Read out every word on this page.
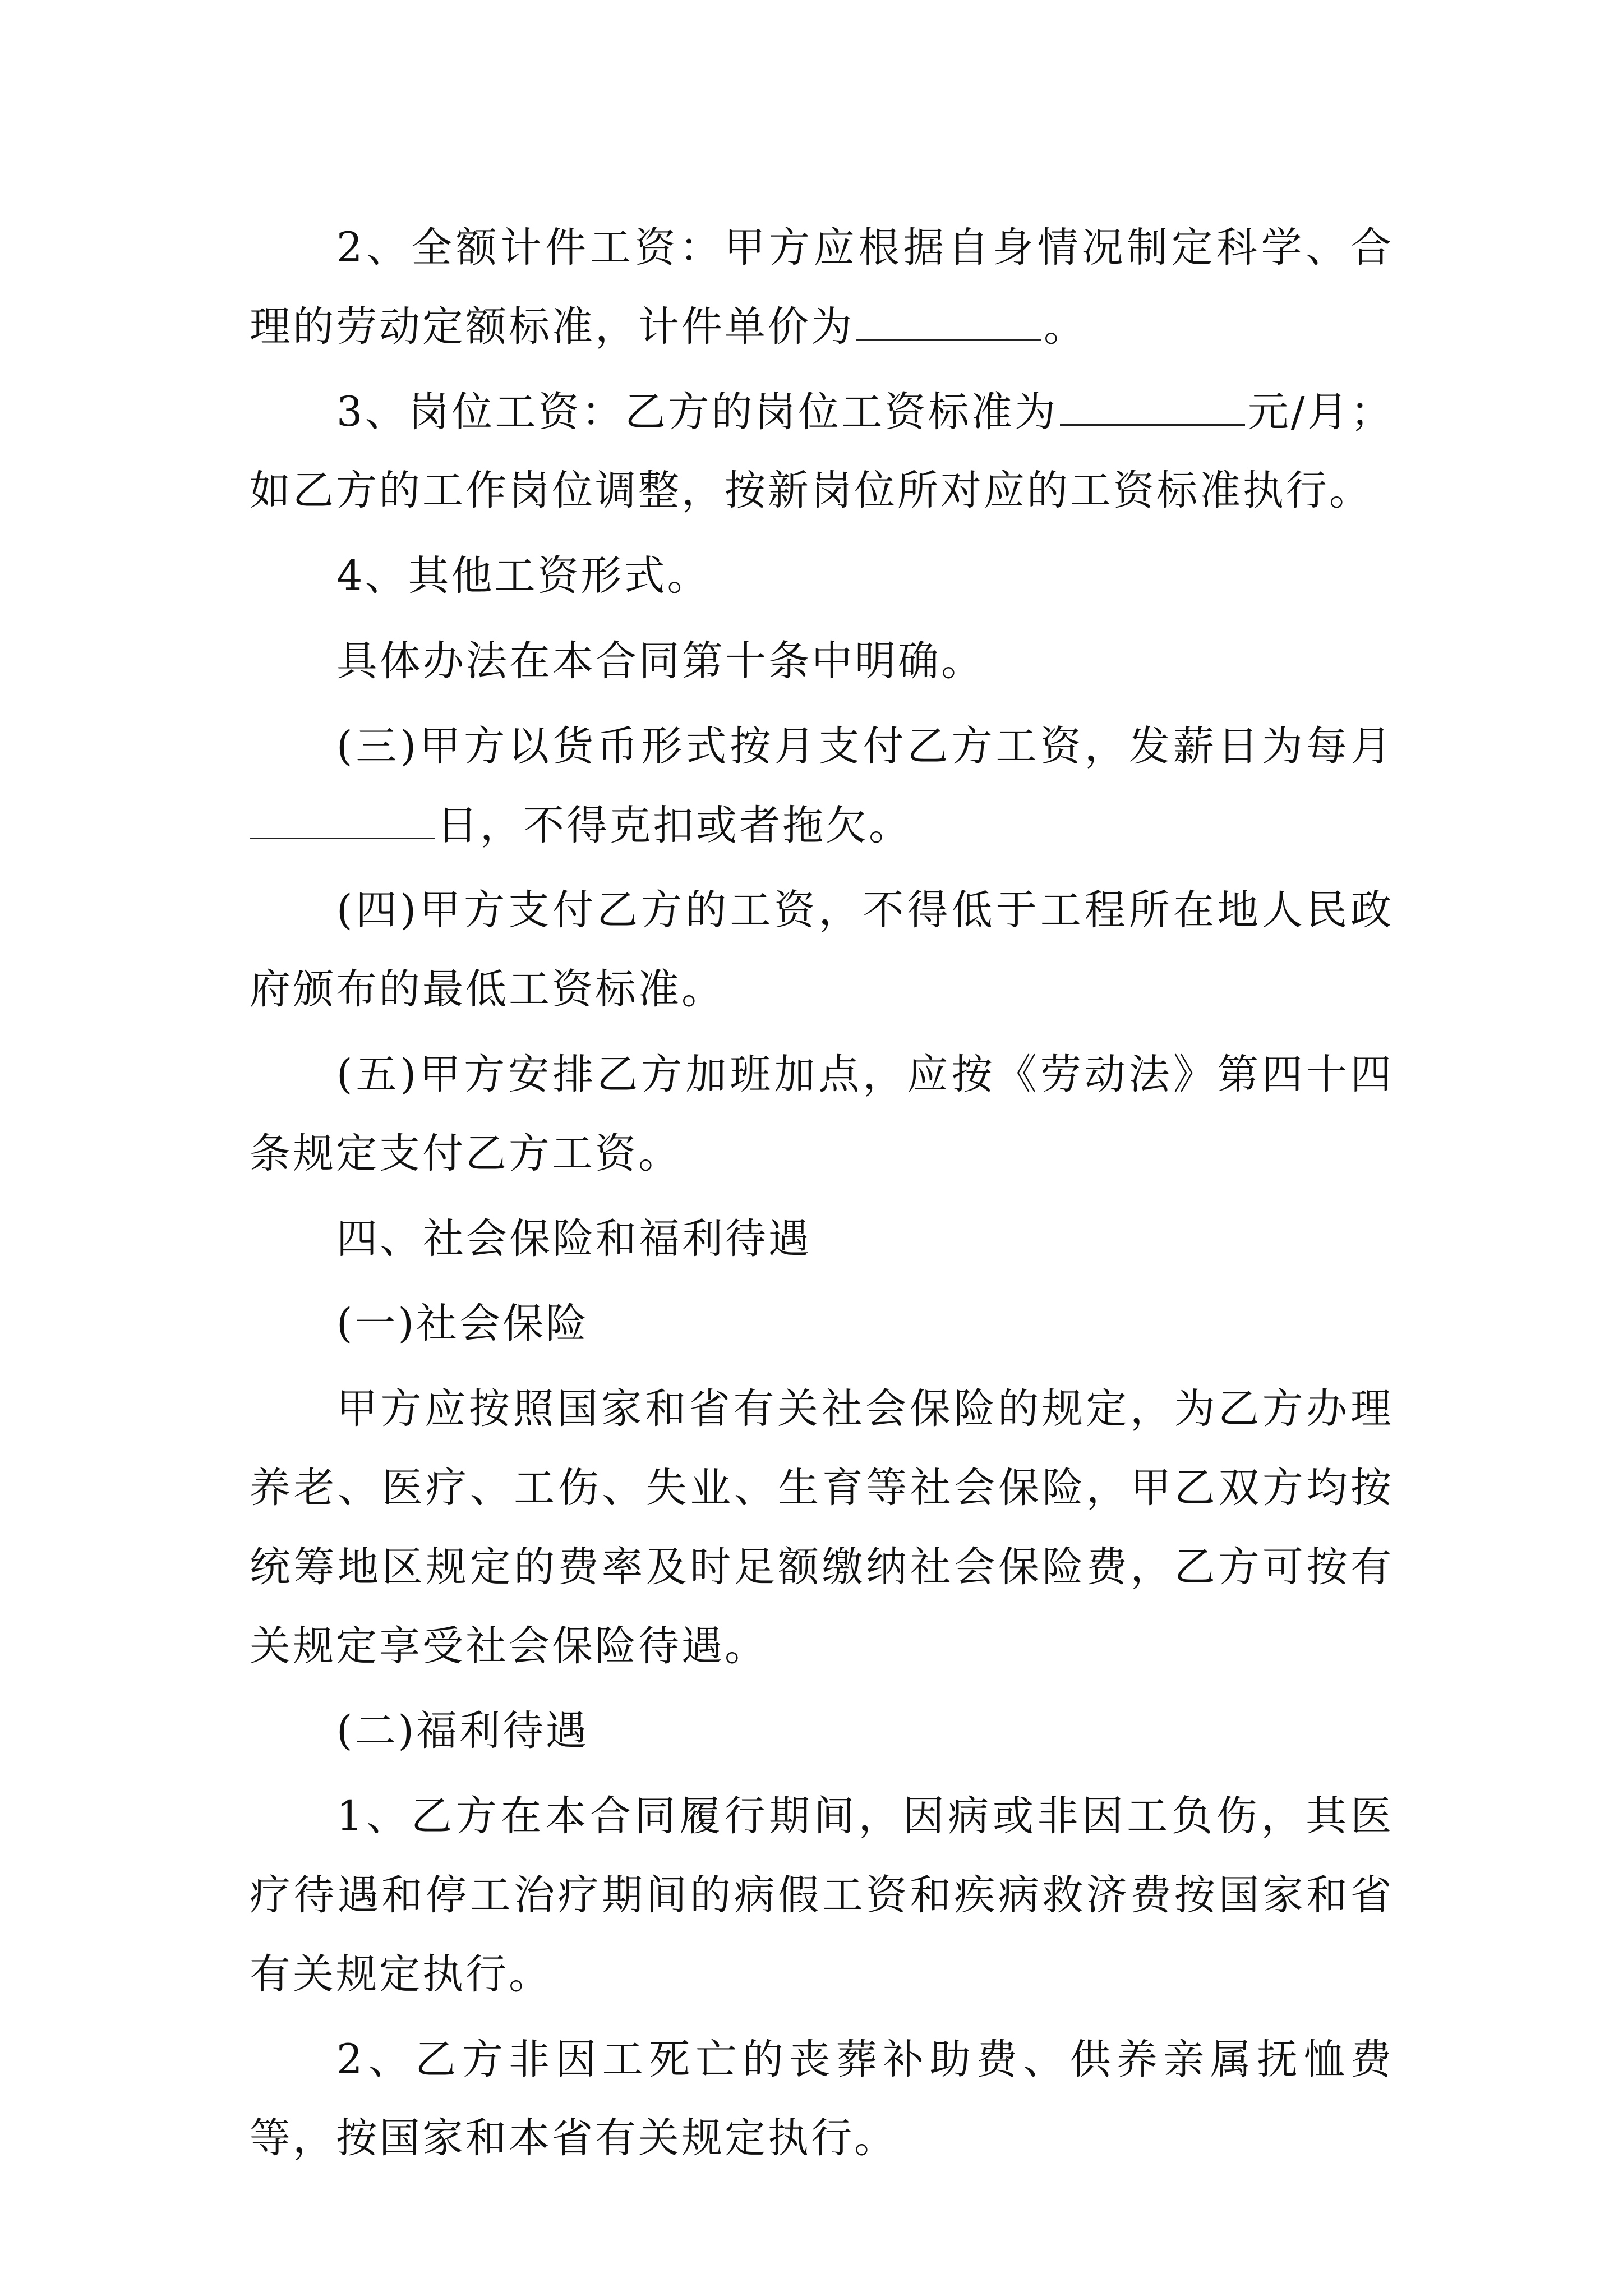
2、全额计件工资：甲方应根据自身情况制定科学、合理的劳动定额标准，计件单价为	。

3、岗位工资：乙方的岗位工资标准为	元/月；如乙方的工作岗位调整，按新岗位所对应的工资标准执行。

4、其他工资形式。

具体办法在本合同第十条中明确。

(三)甲方以货币形式按月支付乙方工资，发薪日为每月日，不得克扣或者拖欠。

(四)甲方支付乙方的工资，不得低于工程所在地人民政府颁布的最低工资标准。

(五)甲方安排乙方加班加点，应按《劳动法》第四十四条规定支付乙方工资。

四、社会保险和福利待遇

(一)社会保险

甲方应按照国家和省有关社会保险的规定，为乙方办理养老、医疗、工伤、失业、生育等社会保险，甲乙双方均按统筹地区规定的费率及时足额缴纳社会保险费，乙方可按有关规定享受社会保险待遇。

(二)福利待遇

1、乙方在本合同履行期间，因病或非因工负伤，其医疗待遇和停工治疗期间的病假工资和疾病救济费按国家和省有关规定执行。

2、乙方非因工死亡的丧葬补助费、供养亲属抚恤费等，按国家和本省有关规定执行。
